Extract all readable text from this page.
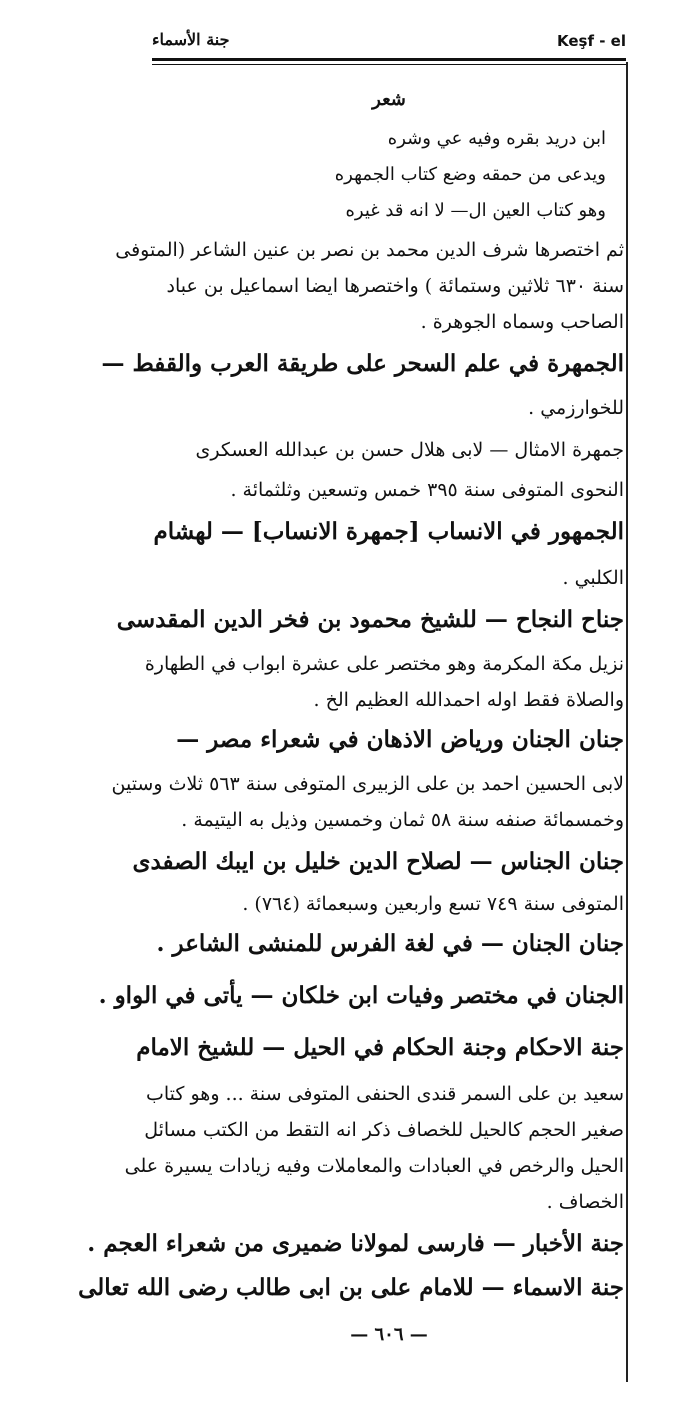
Keşf - el
جنة الأسماء
شعر
ابن دريد بقره وفيه عي وشره
ويدعى من حمقه وضع كتاب الجمهره
وهو كتاب العين ال— لا انه قد غيره
ثم اختصرها شرف الدين محمد بن نصر بن عنين الشاعر (المتوفى
سنة ٦٣٠ ثلاثين وستمائة ) واختصرها ايضا اسماعيل بن عباد
الصاحب وسماه الجوهرة .
الجمهرة في علم السحر على طريقة العرب والقفط —
للخوارزمي .
جمهرة الامثال — لابى هلال حسن بن عبدالله العسكرى
النحوى المتوفى سنة ٣٩٥ خمس وتسعين وثلثمائة .
الجمهور في الانساب [جمهرة الانساب] — لهشام
الكلبي .
جناح النجاح — للشيخ محمود بن فخر الدين المقدسى
نزيل مكة المكرمة وهو مختصر على عشرة ابواب في الطهارة
والصلاة فقط اوله احمدالله العظيم الخ .
جنان الجنان ورياض الاذهان في شعراء مصر —
لابى الحسين احمد بن على الزبيرى المتوفى سنة ٥٦٣ ثلاث وستين
وخمسمائة صنفه سنة ٥٨ ثمان وخمسين وذيل به اليتيمة .
جنان الجناس — لصلاح الدين خليل بن ايبك الصفدى
المتوفى سنة ٧٤٩ تسع واربعين وسبعمائة (٧٦٤) .
جنان الجنان — في لغة الفرس للمنشى الشاعر .
الجنان في مختصر وفيات ابن خلكان — يأتى في الواو .
جنة الاحكام وجنة الحكام في الحيل — للشيخ الامام
سعيد بن على السمر قندى الحنفى المتوفى سنة ... وهو كتاب
صغير الحجم كالحيل للخصاف ذكر انه التقط من الكتب مسائل
الحيل والرخص في العبادات والمعاملات وفيه زيادات يسيرة على
الخصاف .
جنة الأخبار — فارسى لمولانا ضميرى من شعراء العجم .
جنة الاسماء — للامام على بن ابى طالب رضى الله تعالى
— ٦٠٦ —
